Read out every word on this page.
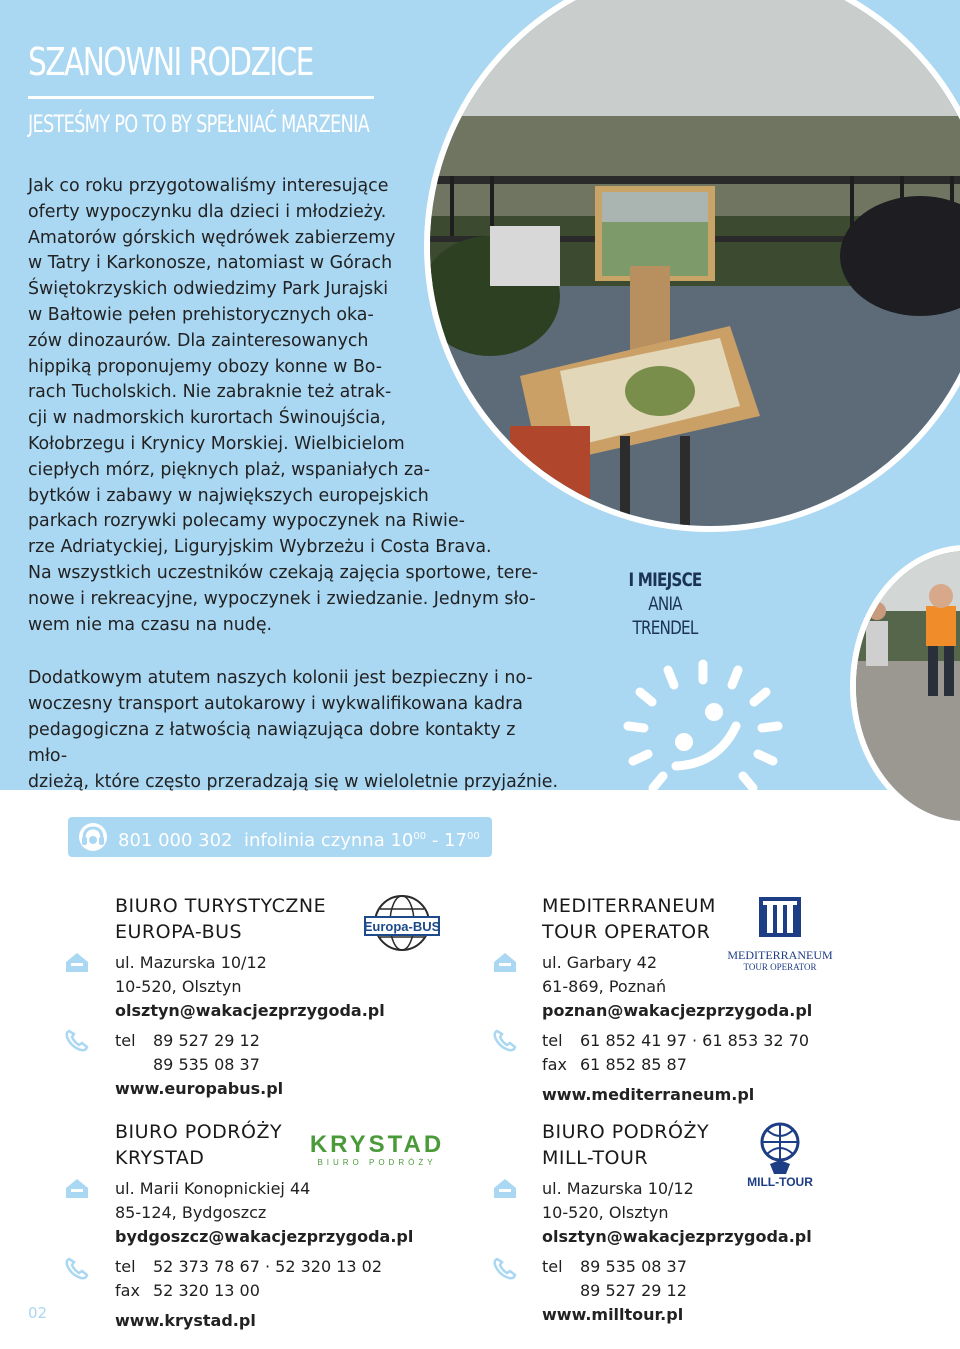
SZANOWNI RODZICE
JESTEŚMY PO TO BY SPEŁNIAĆ MARZENIA
Jak co roku przygotowaliśmy interesujące
oferty wypoczynku dla dzieci i młodzieży.
Amatorów górskich wędrówek zabierzemy
w Tatry i Karkonosze, natomiast w Górach
Świętokrzyskich odwiedzimy Park Jurajski
w Bałtowie pełen prehistorycznych oka-
zów dinozaurów. Dla zainteresowanych
hippiką proponujemy obozy konne w Bo-
rach Tucholskich. Nie zabraknie też atrak-
cji w nadmorskich kurortach Świnoujścia,
Kołobrzegu i Krynicy Morskiej. Wielbicielom
ciepłych mórz, pięknych plaż, wspaniałych za-
bytków i zabawy w największych europejskich
parkach rozrywki polecamy wypoczynek na Riwie-
rze Adriatyckiej, Liguryjskim Wybrzeżu i Costa Brava.
Na wszystkich uczestników czekają zajęcia sportowe, tere-
nowe i rekreacyjne, wypoczynek i zwiedzanie. Jednym sło-
wem nie ma czasu na nudę.
I MIEJSCE
ANIA TRENDEL
Dodatkowym atutem naszych kolonii jest bezpieczny i no-
woczesny transport autokarowy i wykwalifikowana kadra
pedagogiczna z łatwością nawiązująca dobre kontakty z mło-
dzieżą, które często przeradzają się w wieloletnie przyjaźnie.
801 000 302 infolinia czynna $10^{00} - 17^{00}$
BIURO TURYSTYCZNE
EUROPA-BUS
ul. Mazurska 10/12
10-520, Olsztyn
olsztyn@wakacjezprzygoda.pl
tel 89 527 29 12
89 535 08 37
www.europabus.pl
Europa-BUS
MEDITERRANEUM
TOUR OPERATOR
ul. Garbary 42
61-869, Poznań
poznan@wakacjezprzygoda.pl
tel 61 852 41 97 · 61 853 32 70
fax 61 852 85 87
www.mediterraneum.pl
MEDITERRANEUM
TOUR OPERATOR
BIURO PODRÓŻY
KRYSTAD
ul. Marii Konopnickiej 44
85-124, Bydgoszcz
bydgoszcz@wakacjezprzygoda.pl
tel 52 373 78 67 · 52 320 13 02
fax 52 320 13 00
www.krystad.pl
KRYSTAD
BIURO PODRÓŻY
BIURO PODRÓŻY
MILL-TOUR
ul. Mazurska 10/12
10-520, Olsztyn
olsztyn@wakacjezprzygoda.pl
tel 89 535 08 37
89 527 29 12
www.milltour.pl
MILL-TOUR
02
